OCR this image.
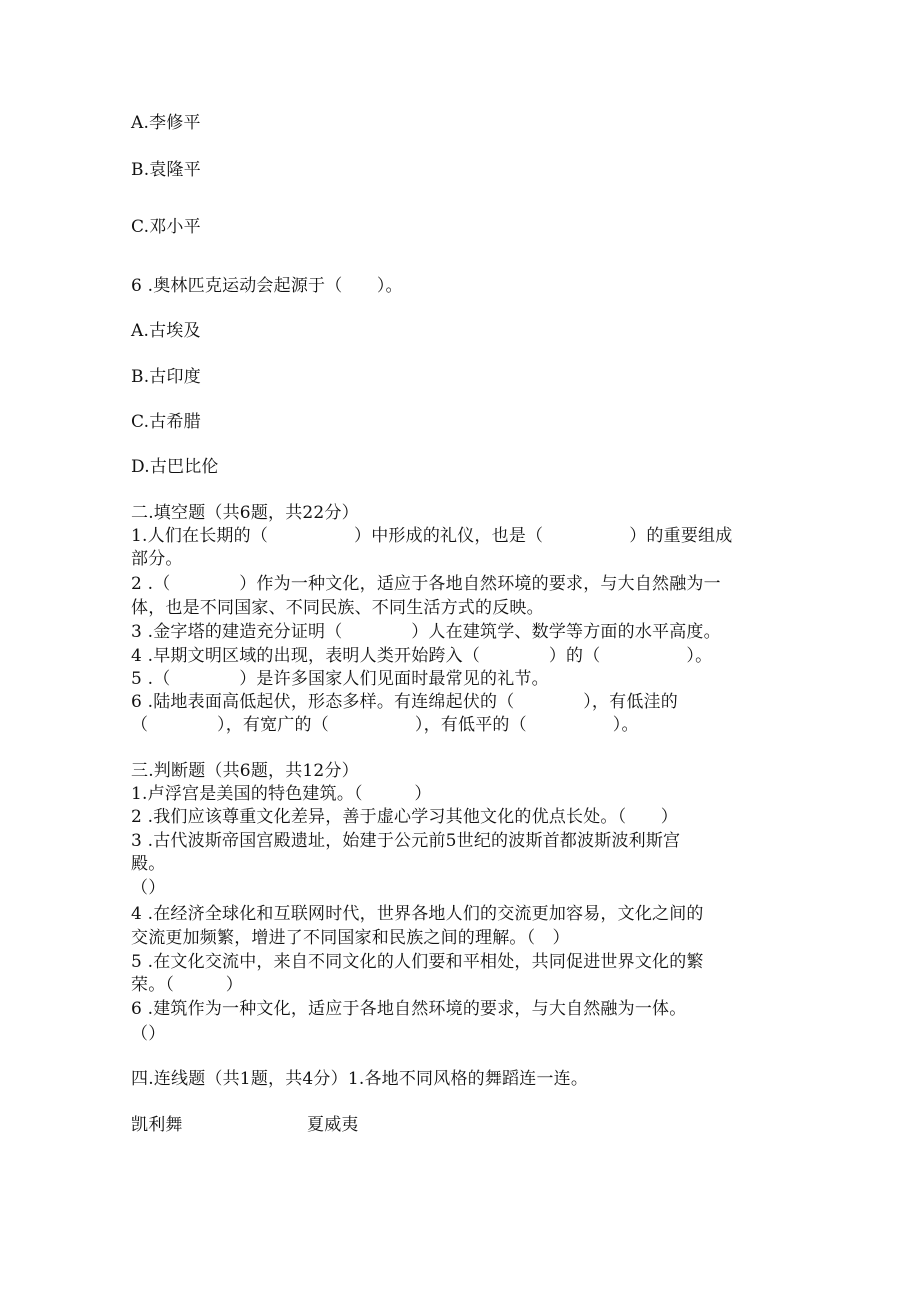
A.李修平
B.袁隆平
C.邓小平
6 .奥林匹克运动会起源于（　　）。
A.古埃及
B.古印度
C.古希腊
D.古巴比伦
二.填空题（共6题，共22分）
1.人们在长期的（　　　　　）中形成的礼仪，也是（　　　　　）的重要组成
部分。
2 .（　　　　）作为一种文化，适应于各地自然环境的要求，与大自然融为一
体，也是不同国家、不同民族、不同生活方式的反映。
3 .金字塔的建造充分证明（　　　　）人在建筑学、数学等方面的水平高度。
4 .早期文明区域的出现，表明人类开始跨入（　　　　）的（　　　　　）。
5 .（　　　　）是许多国家人们见面时最常见的礼节。
6 .陆地表面高低起伏，形态多样。有连绵起伏的（　　　　），有低洼的
（　　　　），有宽广的（　　　　　），有低平的（　　　　　）。
三.判断题（共6题，共12分）
1.卢浮宫是美国的特色建筑。（　　　）
2 .我们应该尊重文化差异，善于虚心学习其他文化的优点长处。（　　）
3 .古代波斯帝国宫殿遗址，始建于公元前5世纪的波斯首都波斯波利斯宫
殿。
（）
4 .在经济全球化和互联网时代，世界各地人们的交流更加容易，文化之间的
交流更加频繁，增进了不同国家和民族之间的理解。（　）
5 .在文化交流中，来自不同文化的人们要和平相处，共同促进世界文化的繁
荣。（　　　）
6 .建筑作为一种文化，适应于各地自然环境的要求，与大自然融为一体。
（）
四.连线题（共1题，共4分）1.各地不同风格的舞蹈连一连。
凯利舞	夏威夷
